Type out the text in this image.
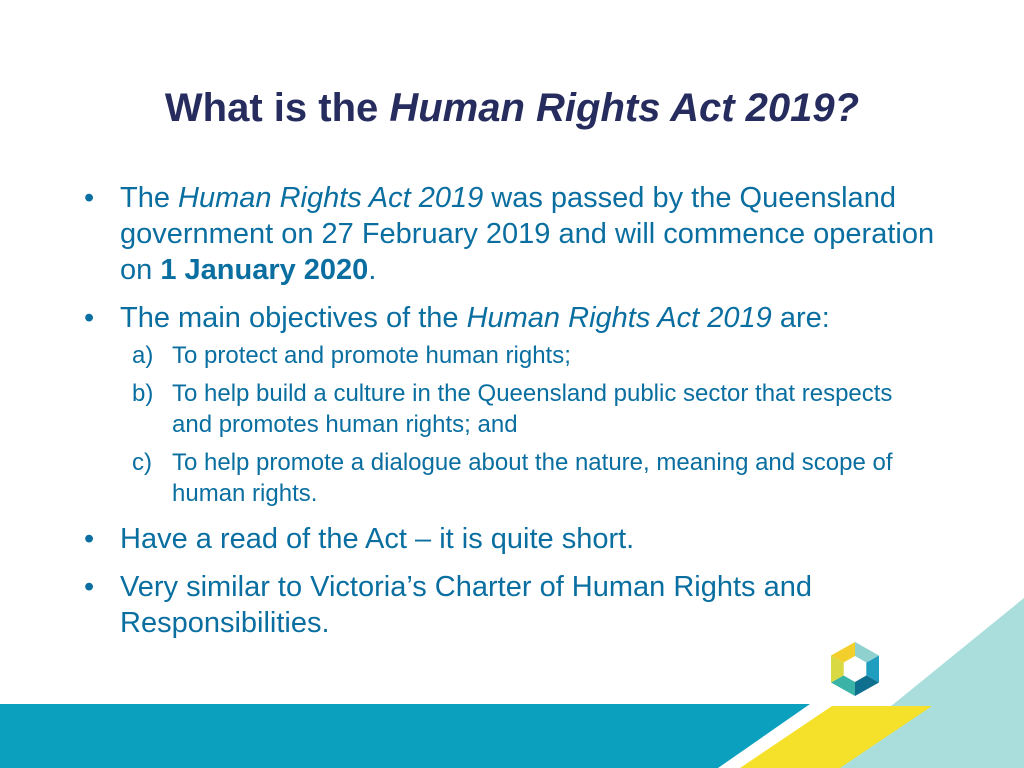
What is the Human Rights Act 2019?
• The Human Rights Act 2019 was passed by the Queensland government on 27 February 2019 and will commence operation on 1 January 2020.
• The main objectives of the Human Rights Act 2019 are:
a) To protect and promote human rights;
b) To help build a culture in the Queensland public sector that respects and promotes human rights; and
c) To help promote a dialogue about the nature, meaning and scope of human rights.
• Have a read of the Act – it is quite short.
• Very similar to Victoria’s Charter of Human Rights and Responsibilities.
